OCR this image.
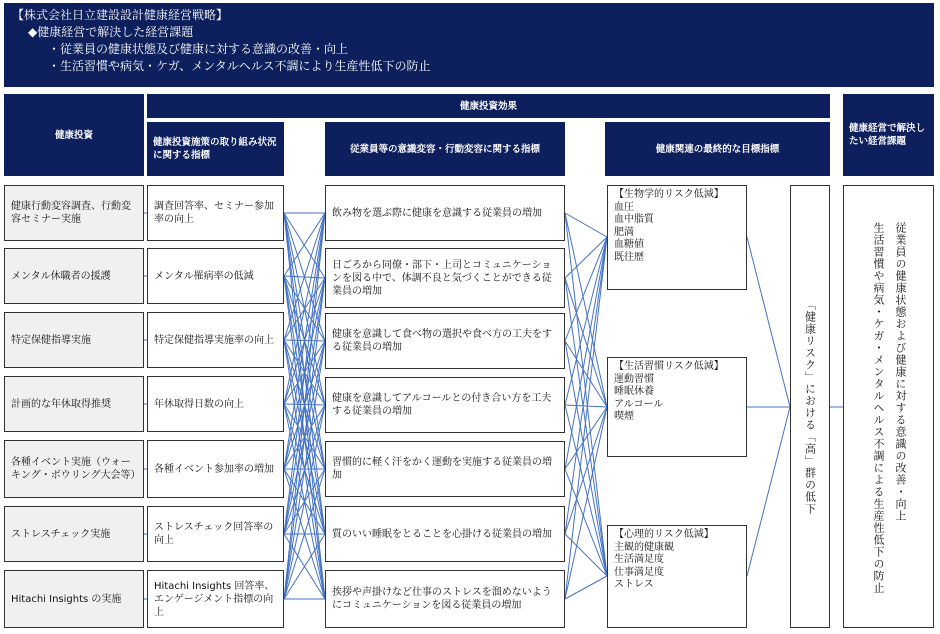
【株式会社日立建設設計健康経営戦略】
◆健康経営で解決した経営課題
・従業員の健康状態及び健康に対する意識の改善・向上
・生活習慣や病気・ケガ、メンタルヘルス不調により生産性低下の防止
健康投資
健康投資効果
健康投資施策の取り組み状況に関する指標
従業員等の意識変容・行動変容に関する指標	健康関連の最終的な目標指標
健康経営で解決したい経営課題
健康行動変容調査、行動変容セミナー実施
メンタル休職者の援護
特定保健指導実施
計画的な年休取得推奨
各種イベント実施（ウォーキング・ボウリング大会等）
ストレスチェック実施
Hitachi Insights の実施
調査回答率、セミナー参加率の向上
メンタル罹病率の低減
特定保健指導実施率の向上
年休取得日数の向上
各種イベント参加率の増加
ストレスチェック回答率の向上
Hitachi Insights 回答率、エンゲージメント指標の向上
飲み物を選ぶ際に健康を意識する従業員の増加
日ごろから同僚・部下・上司とコミュニケーションを図る中で、体調不良と気づくことができる従業員の増加
健康を意識して食べ物の選択や食べ方の工夫をする従業員の増加
健康を意識してアルコールとの付き合い方を工夫する従業員の増加
習慣的に軽く汗をかく運動を実施する従業員の増加
質のいい睡眠をとることを心掛ける従業員の増加
挨拶や声掛けなど仕事のストレスを溜めないようにコミュニケーションを図る従業員の増加
【生物学的リスク低減】
血圧
血中脂質
肥満
血糖値
既往歴
【生活習慣リスク低減】
運動習慣
睡眠休養
アルコール
喫煙
【心理的リスク低減】
主観的健康観
生活満足度
仕事満足度
ストレス
「健康リスク」における「高」群の低下	従業員の健康状態および健康に対する意識の改善・向上
生活習慣や病気・ケガ・メンタルヘルス不調による生産性低下の防止
